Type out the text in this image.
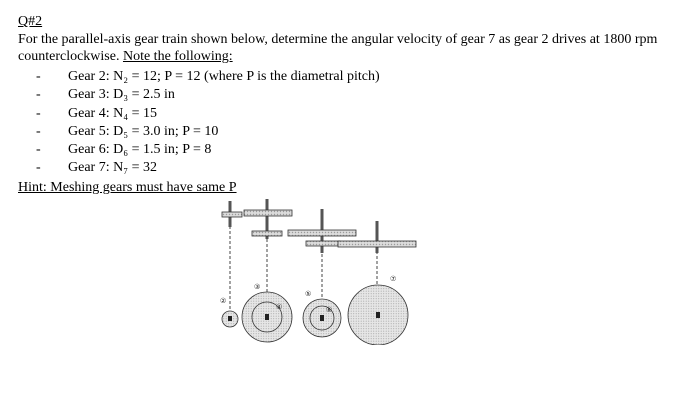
Q#2
For the parallel-axis gear train shown below, determine the angular velocity of gear 7 as gear 2 drives at 1800 rpm counterclockwise. Note the following:
- Gear 2: N₂ = 12; P = 12 (where P is the diametral pitch)
- Gear 3: D₃ = 2.5 in
- Gear 4: N₄ = 15
- Gear 5: D₅ = 3.0 in; P = 10
- Gear 6: D₆ = 1.5 in; P = 8
- Gear 7: N₇ = 32
Hint: Meshing gears must have same P
②
③
④
⑤
⑥
⑦
